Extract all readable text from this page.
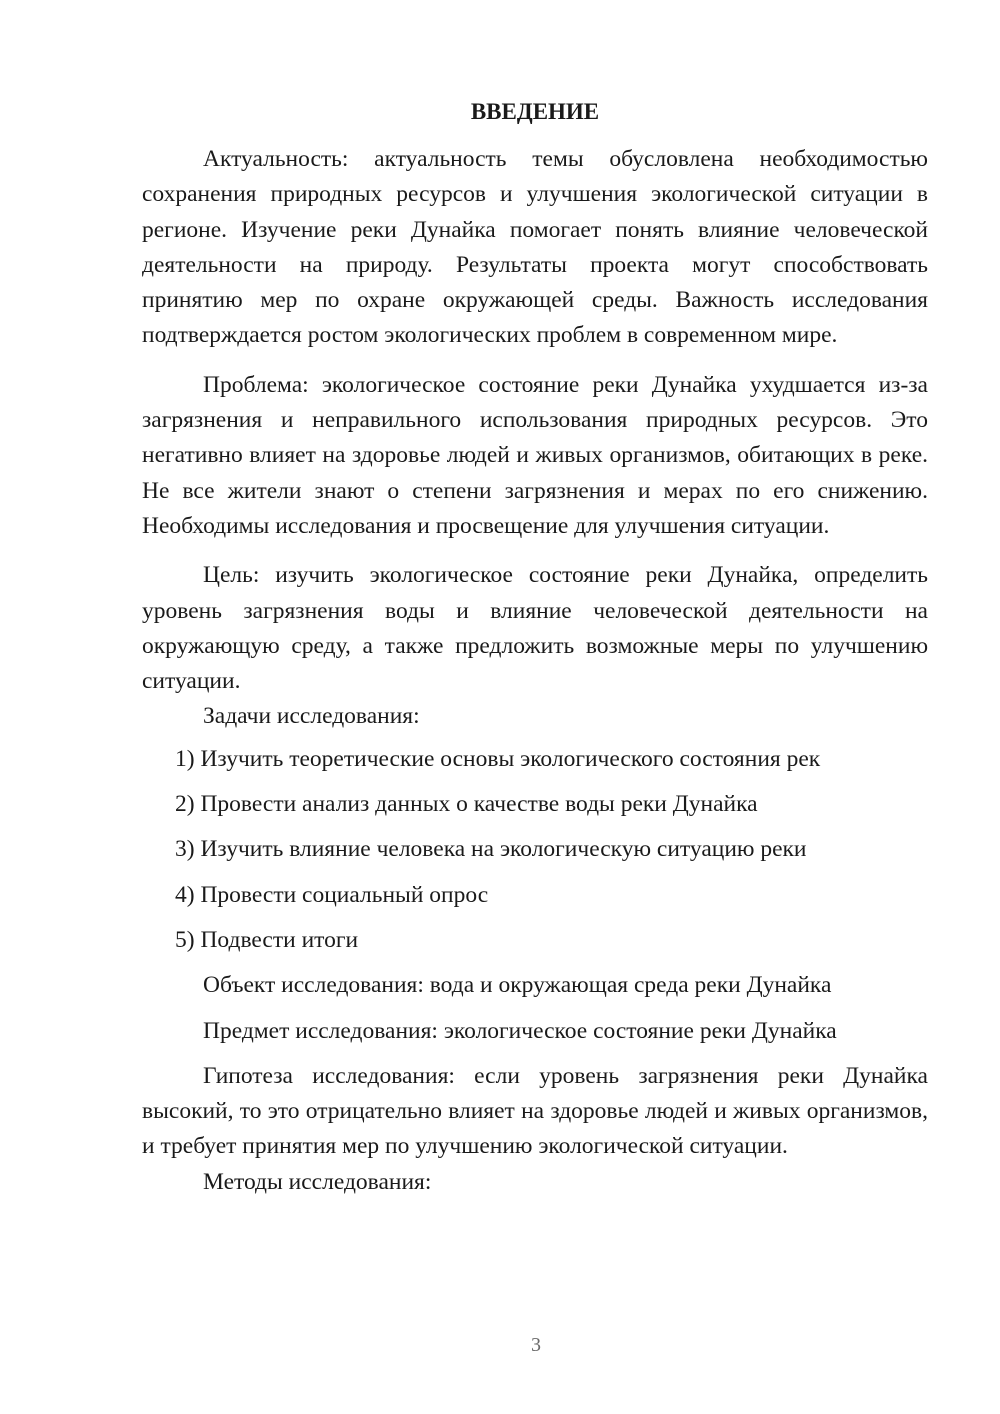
ВВЕДЕНИЕ

Актуальность: актуальность темы обусловлена необходимостью сохранения природных ресурсов и улучшения экологической ситуации в регионе. Изучение реки Дунайка помогает понять влияние человеческой деятельности на природу. Результаты проекта могут способствовать принятию мер по охране окружающей среды. Важность исследования подтверждается ростом экологических проблем в современном мире.

Проблема: экологическое состояние реки Дунайка ухудшается из-за загрязнения и неправильного использования природных ресурсов. Это негативно влияет на здоровье людей и живых организмов, обитающих в реке. Не все жители знают о степени загрязнения и мерах по его снижению. Необходимы исследования и просвещение для улучшения ситуации.

Цель: изучить экологическое состояние реки Дунайка, определить уровень загрязнения воды и влияние человеческой деятельности на окружающую среду, а также предложить возможные меры по улучшению ситуации.

Задачи исследования:

1) Изучить теоретические основы экологического состояния рек
2) Провести анализ данных о качестве воды реки Дунайка
3) Изучить влияние человека на экологическую ситуацию реки
4) Провести социальный опрос
5) Подвести итоги

Объект исследования: вода и окружающая среда реки Дунайка

Предмет исследования: экологическое состояние реки Дунайка

Гипотеза исследования: если уровень загрязнения реки Дунайка высокий, то это отрицательно влияет на здоровье людей и живых организмов, и требует принятия мер по улучшению экологической ситуации.

Методы исследования:

3
